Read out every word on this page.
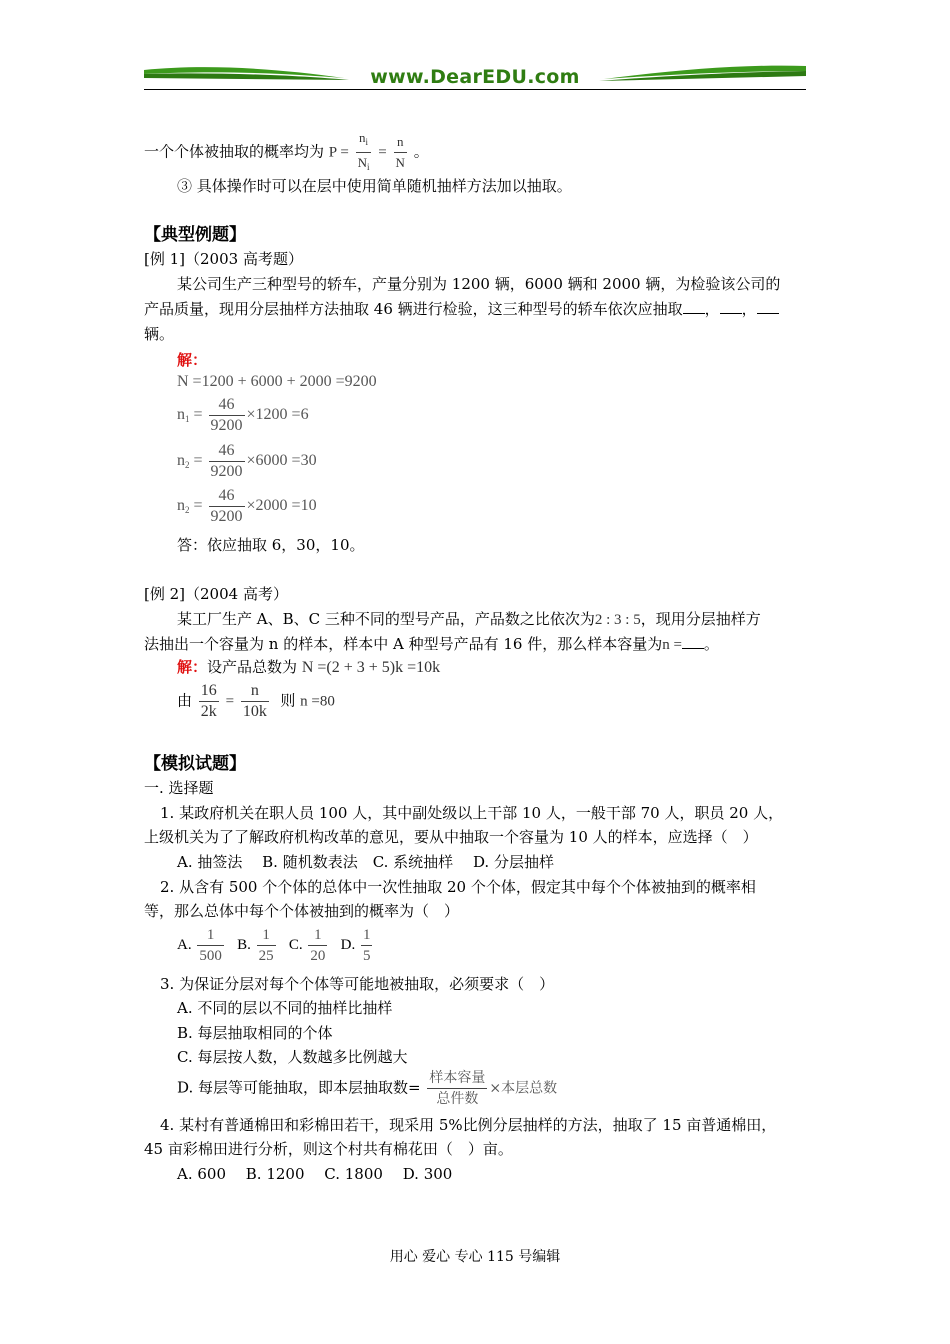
www.DearEDU.com
一个个体被抽取的概率均为 $P = \frac{n_i}{N_i} = \frac{n}{N}$ 。
③ 具体操作时可以在层中使用简单随机抽样方法加以抽取。
【典型例题】
[例 1]（2003 高考题）
某公司生产三种型号的轿车，产量分别为 1200 辆，6000 辆和 2000 辆，为检验该公司的
产品质量，现用分层抽样方法抽取 46 辆进行检验，这三种型号的轿车依次应抽取 ， ，
辆。
解：
N =1200 + 6000 + 2000 =9200
$n_1 = \frac{46}{9200} \times 1200 =6$
$n_2 = \frac{46}{9200} \times 6000 =30$
$n_2 = \frac{46}{9200} \times 2000 =10$
答：依应抽取 6，30，10。
[例 2]（2004 高考）
某工厂生产 A、B、C 三种不同的型号产品，产品数之比依次为2 : 3 : 5，现用分层抽样方
法抽出一个容量为 n 的样本，样本中 A 种型号产品有 16 件，那么样本容量为n = 。
解：设产品总数为 N =(2 + 3 + 5)k =10k
由 $\frac{16}{2k} = \frac{n}{10k}$ 则 n =80
【模拟试题】
一. 选择题
1. 某政府机关在职人员 100 人，其中副处级以上干部 10 人，一般干部 70 人，职员 20 人，
上级机关为了了解政府机构改革的意见，要从中抽取一个容量为 10 人的样本，应选择（　）
A. 抽签法　 B. 随机数表法　C. 系统抽样　 D. 分层抽样
2. 从含有 500 个个体的总体中一次性抽取 20 个个体，假定其中每个个体被抽到的概率相
等，那么总体中每个个体被抽到的概率为（　）
A. $\frac{1}{500} B$. $\frac{1}{25} C$. $\frac{1}{20} D$. $\frac{1}{5}$
3. 为保证分层对每个个体等可能地被抽取，必须要求（　）
A. 不同的层以不同的抽样比抽样
B. 每层抽取相同的个体
C. 每层按人数，人数越多比例越大
D. 每层等可能抽取，即本层抽取数= $\frac{\text{样本容量}}{\text{总件数}}$ ×本层总数
4. 某村有普通棉田和彩棉田若干，现采用 5%比例分层抽样的方法，抽取了 15 亩普通棉田，
45 亩彩棉田进行分析，则这个村共有棉花田（　）亩。
A. 600　 B. 1200　 C. 1800　 D. 300
用心 爱心 专心 115 号编辑
